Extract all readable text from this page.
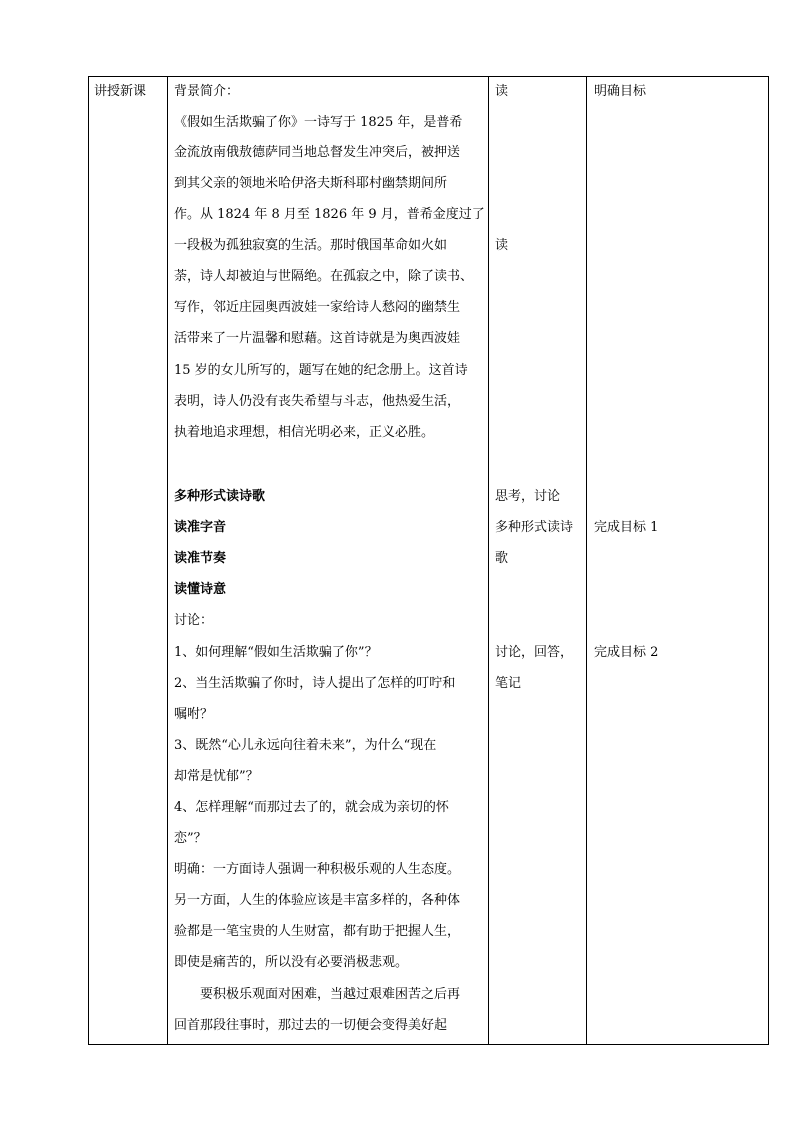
讲授新课 背景简介：
《假如生活欺骗了你》一诗写于 1825 年，是普希
金流放南俄敖德萨同当地总督发生冲突后，被押送
到其父亲的领地米哈伊洛夫斯科耶村幽禁期间所
作。从 1824 年 8 月至 1826 年 9 月，普希金度过了
一段极为孤独寂寞的生活。那时俄国革命如火如
荼，诗人却被迫与世隔绝。在孤寂之中，除了读书、
写作，邻近庄园奥西波娃一家给诗人愁闷的幽禁生
活带来了一片温馨和慰藉。这首诗就是为奥西波娃
15 岁的女儿所写的，题写在她的纪念册上。这首诗
表明，诗人仍没有丧失希望与斗志，他热爱生活，
执着地追求理想，相信光明必来，正义必胜。
多种形式读诗歌
读准字音
读准节奏
读懂诗意
讨论：
1、如何理解“假如生活欺骗了你”？
2、当生活欺骗了你时，诗人提出了怎样的叮咛和
嘱咐？
3、既然“心儿永远向往着未来”，为什么“现在
却常是忧郁”？
4、怎样理解“而那过去了的，就会成为亲切的怀
恋”？
明确：一方面诗人强调一种积极乐观的人生态度。
另一方面，人生的体验应该是丰富多样的，各种体
验都是一笔宝贵的人生财富，都有助于把握人生，
即使是痛苦的，所以没有必要消极悲观。
　　要积极乐观面对困难，当越过艰难困苦之后再
回首那段往事时，那过去的一切便会变得美好起
读
读
思考，讨论
多种形式读诗
歌
讨论，回答，
笔记
明确目标
完成目标 1
完成目标 2
